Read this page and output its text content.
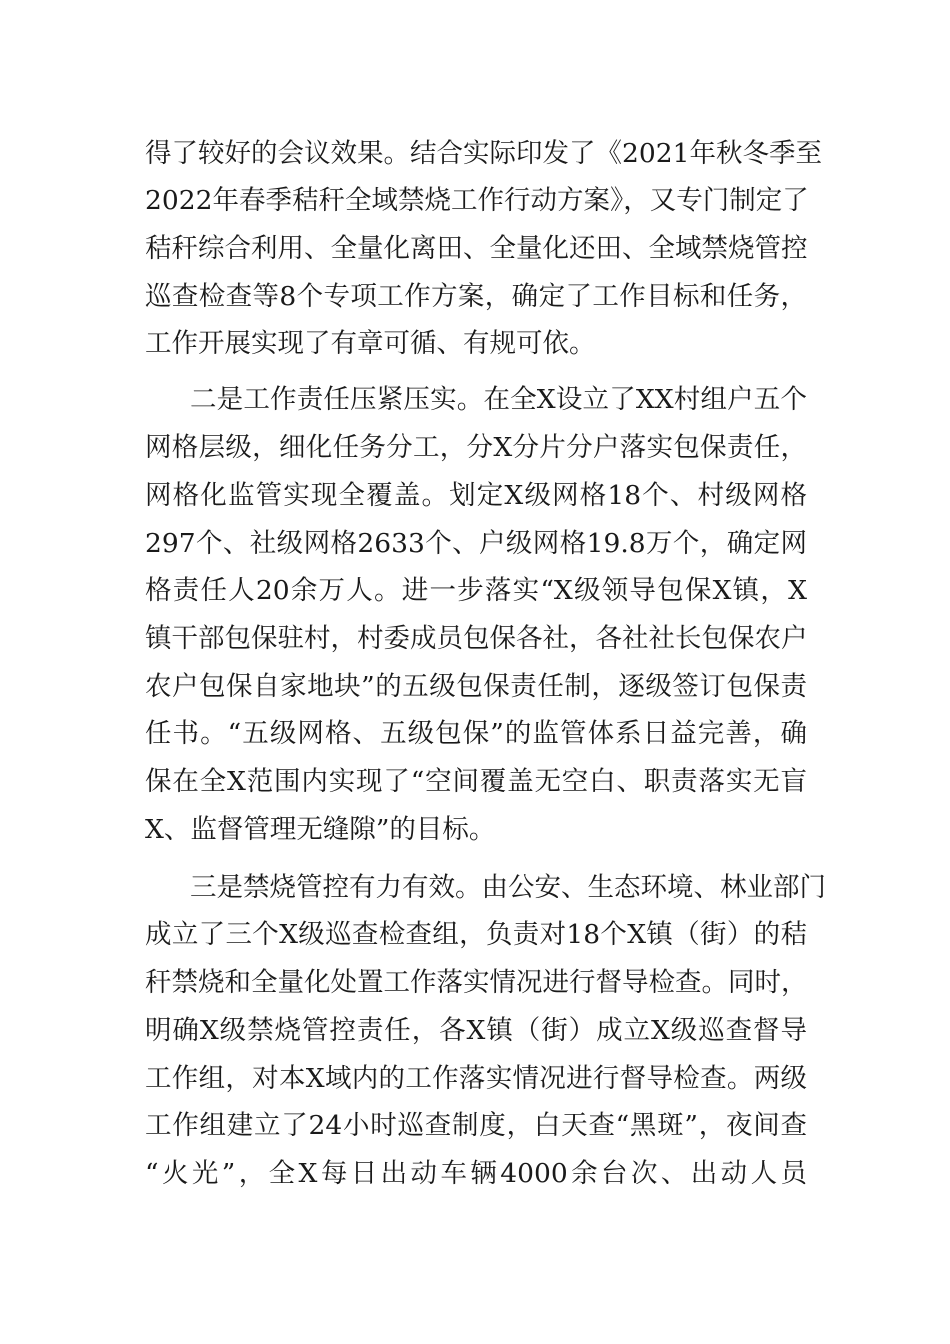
得了较好的会议效果。结合实际印发了《2021年秋冬季至
2022年春季秸秆全域禁烧工作行动方案》，又专门制定了
秸秆综合利用、全量化离田、全量化还田、全域禁烧管控
巡查检查等8个专项工作方案，确定了工作目标和任务，
工作开展实现了有章可循、有规可依。
二是工作责任压紧压实。在全X设立了XX村组户五个
网格层级，细化任务分工，分X分片分户落实包保责任，
网格化监管实现全覆盖。划定X级网格18个、村级网格
297个、社级网格2633个、户级网格19.8万个，确定网
格责任人20余万人。进一步落实“X级领导包保X镇，X
镇干部包保驻村，村委成员包保各社，各社社长包保农户
农户包保自家地块”的五级包保责任制，逐级签订包保责
任书。“五级网格、五级包保”的监管体系日益完善，确
保在全X范围内实现了“空间覆盖无空白、职责落实无盲
X、监督管理无缝隙”的目标。
三是禁烧管控有力有效。由公安、生态环境、林业部门
成立了三个X级巡查检查组，负责对18个X镇（街）的秸
秆禁烧和全量化处置工作落实情况进行督导检查。同时，
明确X级禁烧管控责任，各X镇（街）成立X级巡查督导
工作组，对本X域内的工作落实情况进行督导检查。两级
工作组建立了24小时巡查制度，白天查“黑斑”，夜间查
“火光”，全X每日出动车辆4000余台次、出动人员
